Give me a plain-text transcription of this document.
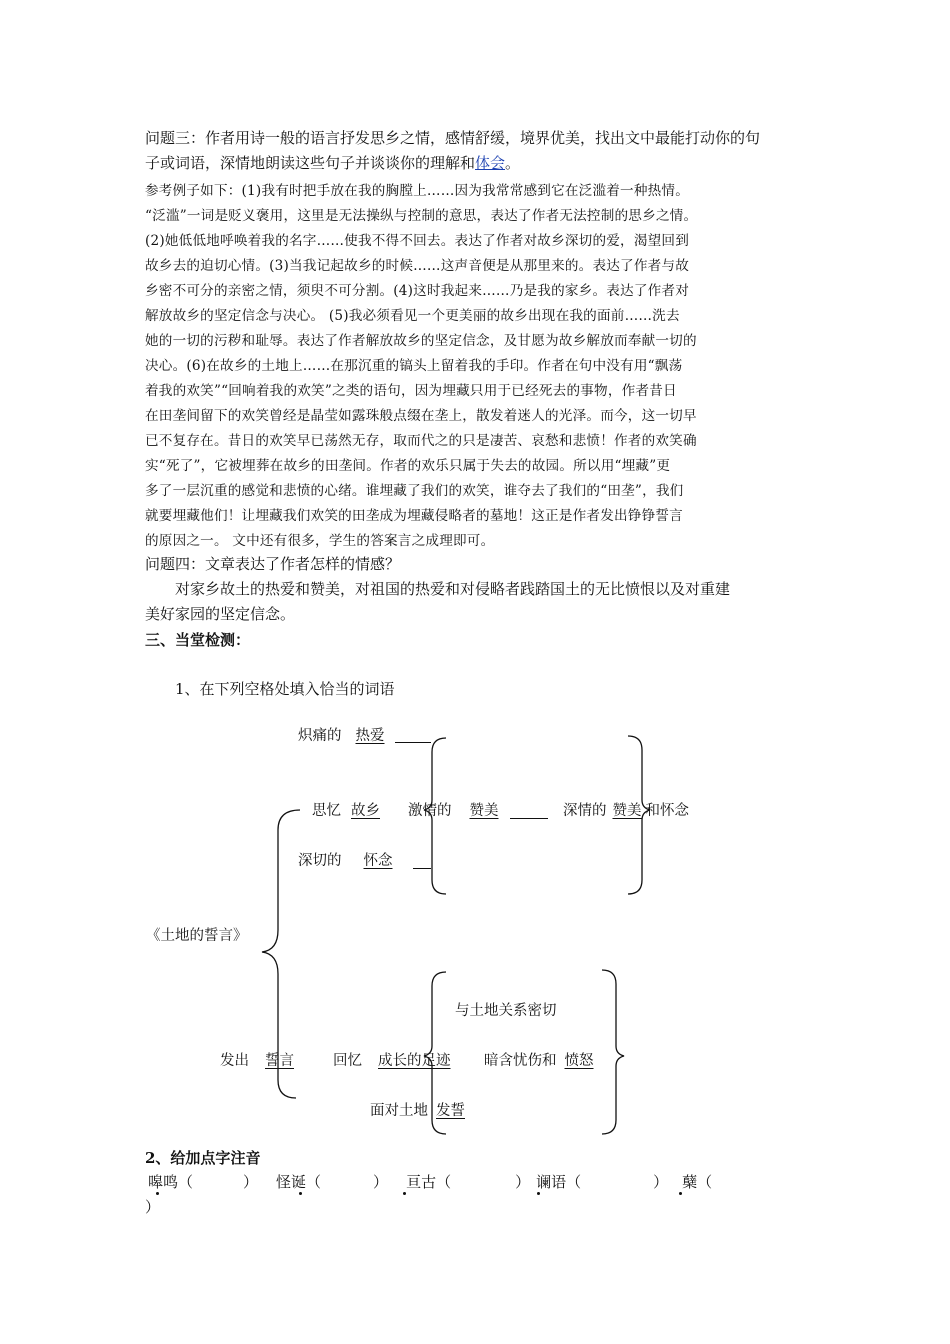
问题三：作者用诗一般的语言抒发思乡之情，感情舒缓，境界优美，找出文中最能打动你的句
子或词语，深情地朗读这些句子并谈谈你的理解和体会。
参考例子如下：(1)我有时把手放在我的胸膛上……因为我常常感到它在泛滥着一种热情。
“泛滥”一词是贬义褒用，这里是无法操纵与控制的意思，表达了作者无法控制的思乡之情。
(2)她低低地呼唤着我的名字……使我不得不回去。表达了作者对故乡深切的爱，渴望回到
故乡去的迫切心情。(3)当我记起故乡的时候……这声音便是从那里来的。表达了作者与故
乡密不可分的亲密之情，须臾不可分割。(4)这时我起来……乃是我的家乡。表达了作者对
解放故乡的坚定信念与决心。 (5)我必须看见一个更美丽的故乡出现在我的面前……洗去
她的一切的污秽和耻辱。表达了作者解放故乡的坚定信念，及甘愿为故乡解放而奉献一切的
决心。(6)在故乡的土地上……在那沉重的镐头上留着我的手印。作者在句中没有用“飘荡
着我的欢笑”“回响着我的欢笑”之类的语句，因为埋藏只用于已经死去的事物，作者昔日
在田垄间留下的欢笑曾经是晶莹如露珠般点缀在垄上，散发着迷人的光泽。而今，这一切早
已不复存在。昔日的欢笑早已荡然无存，取而代之的只是凄苦、哀愁和悲愤！作者的欢笑确
实“死了”，它被埋葬在故乡的田垄间。作者的欢乐只属于失去的故园。所以用“埋藏”更
多了一层沉重的感觉和悲愤的心绪。谁埋藏了我们的欢笑，谁夺去了我们的“田垄”，我们
就要埋藏他们！让埋藏我们欢笑的田垄成为埋藏侵略者的墓地！这正是作者发出铮铮誓言
的原因之一。 文中还有很多，学生的答案言之成理即可。
问题四：文章表达了作者怎样的情感？
对家乡故土的热爱和赞美，对祖国的热爱和对侵略者践踏国土的无比愤恨以及对重建
美好家园的坚定信念。
三、当堂检测：
1、在下列空格处填入恰当的词语
炽痛的 热爱
思忆 故乡 激情的 赞美	深情的 赞美 和怀念
深切的 怀念
《土地的誓言》
与土地关系密切
发出 誓言	回忆 成长的足迹 暗含忧伤和 愤怒
面对土地 发誓
2、给加点字注音
嗥鸣（	） 怪诞（	） 亘古（	） 谰语（	） 蘖（
）
